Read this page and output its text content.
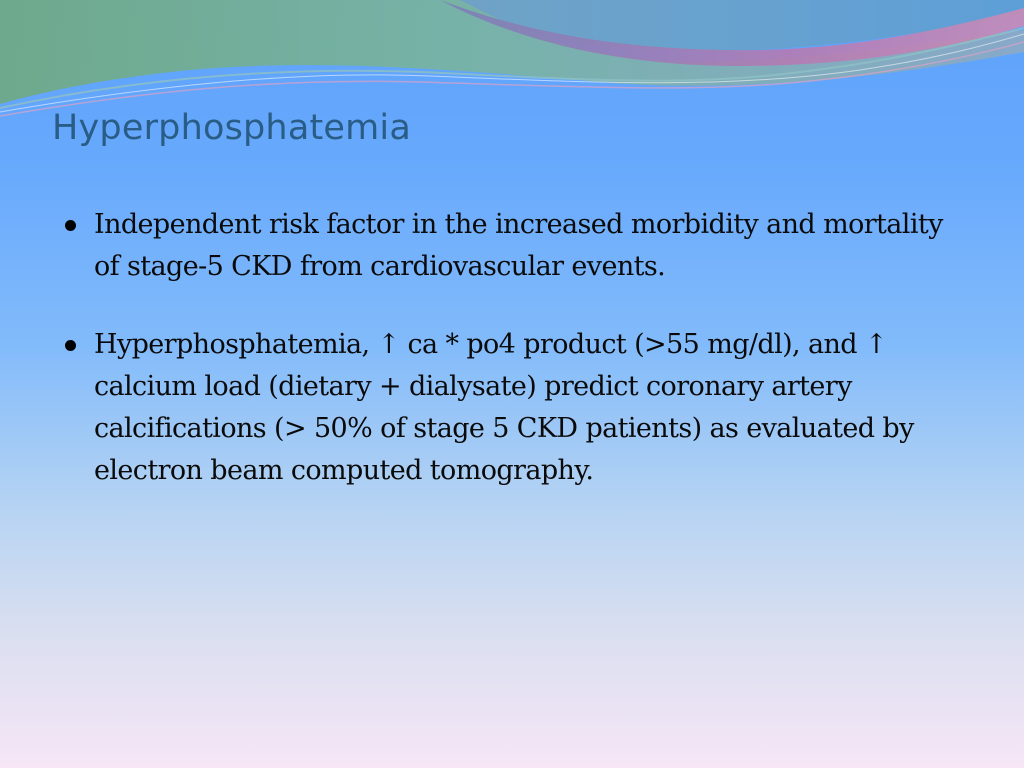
Hyperphosphatemia
Independent risk factor in the increased morbidity and mortality of stage-5 CKD from cardiovascular events.
Hyperphosphatemia, ↑ ca * po4 product (>55 mg/dl), and ↑ calcium load (dietary + dialysate) predict coronary artery calcifications (> 50% of stage 5 CKD patients) as evaluated by electron beam computed tomography.
